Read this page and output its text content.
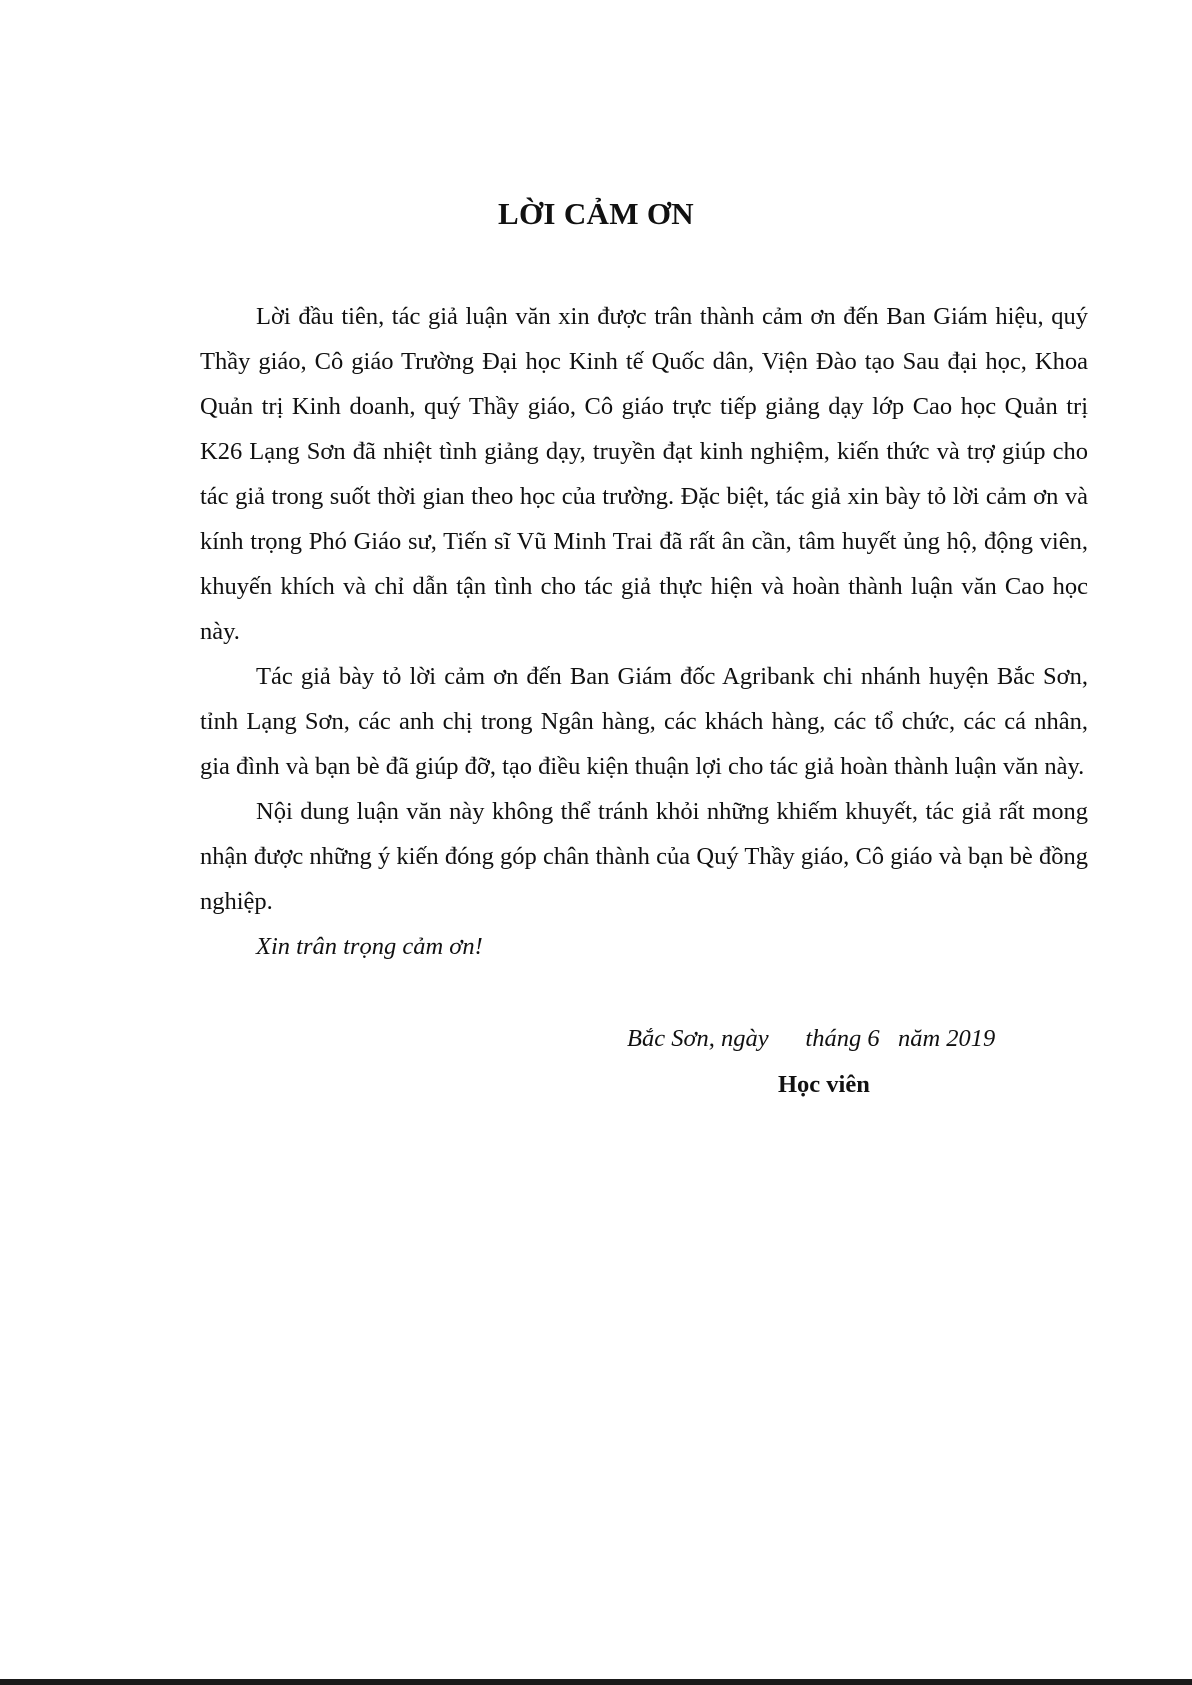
LỜI CẢM ƠN

Lời đầu tiên, tác giả luận văn xin được trân thành cảm ơn đến Ban Giám hiệu, quý Thầy giáo, Cô giáo Trường Đại học Kinh tế Quốc dân, Viện Đào tạo Sau đại học, Khoa Quản trị Kinh doanh, quý Thầy giáo, Cô giáo trực tiếp giảng dạy lớp Cao học Quản trị K26 Lạng Sơn đã nhiệt tình giảng dạy, truyền đạt kinh nghiệm, kiến thức và trợ giúp cho tác giả trong suốt thời gian theo học của trường. Đặc biệt, tác giả xin bày tỏ lời cảm ơn và kính trọng Phó Giáo sư, Tiến sĩ Vũ Minh Trai đã rất ân cần, tâm huyết ủng hộ, động viên, khuyến khích và chỉ dẫn tận tình cho tác giả thực hiện và hoàn thành luận văn Cao học này.

Tác giả bày tỏ lời cảm ơn đến Ban Giám đốc Agribank chi nhánh huyện Bắc Sơn, tỉnh Lạng Sơn, các anh chị trong Ngân hàng, các khách hàng, các tổ chức, các cá nhân, gia đình và bạn bè đã giúp đỡ, tạo điều kiện thuận lợi cho tác giả hoàn thành luận văn này.

Nội dung luận văn này không thể tránh khỏi những khiếm khuyết, tác giả rất mong nhận được những ý kiến đóng góp chân thành của Quý Thầy giáo, Cô giáo và bạn bè đồng nghiệp.

Xin trân trọng cảm ơn!

Bắc Sơn, ngày      tháng 6   năm 2019
Học viên
